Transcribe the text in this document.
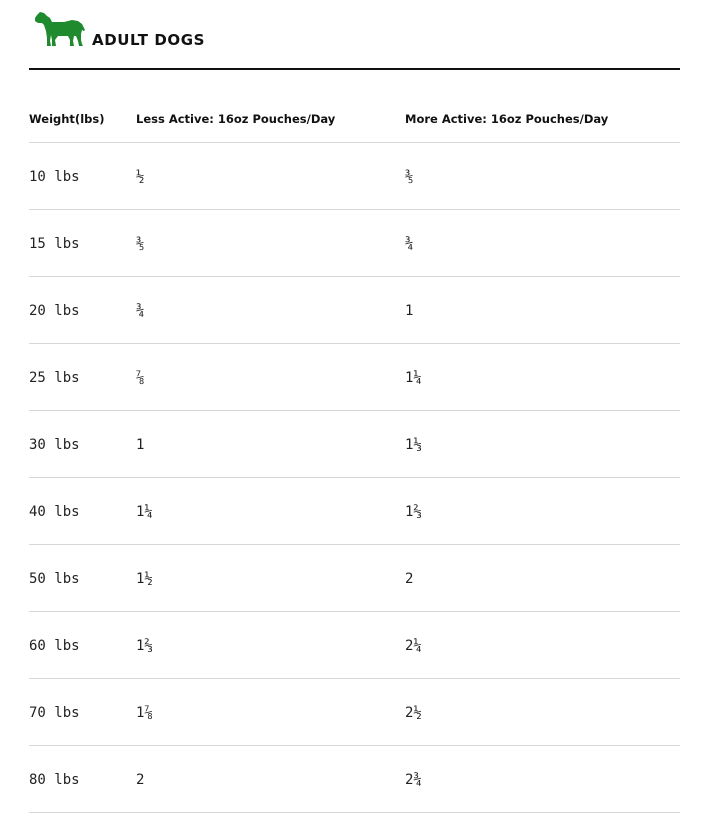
ADULT DOGS
Weight(lbs)	Less Active: 16oz Pouches/Day	More Active: 16oz Pouches/Day
10 lbs	½	⅗
15 lbs	⅗	¾
20 lbs	¾	1
25 lbs	⅞	1¼
30 lbs	1	1⅓
40 lbs	1¼	1⅔
50 lbs	1½	2
60 lbs	1⅔	2¼
70 lbs	1⅞	2½
80 lbs	2	2¾
